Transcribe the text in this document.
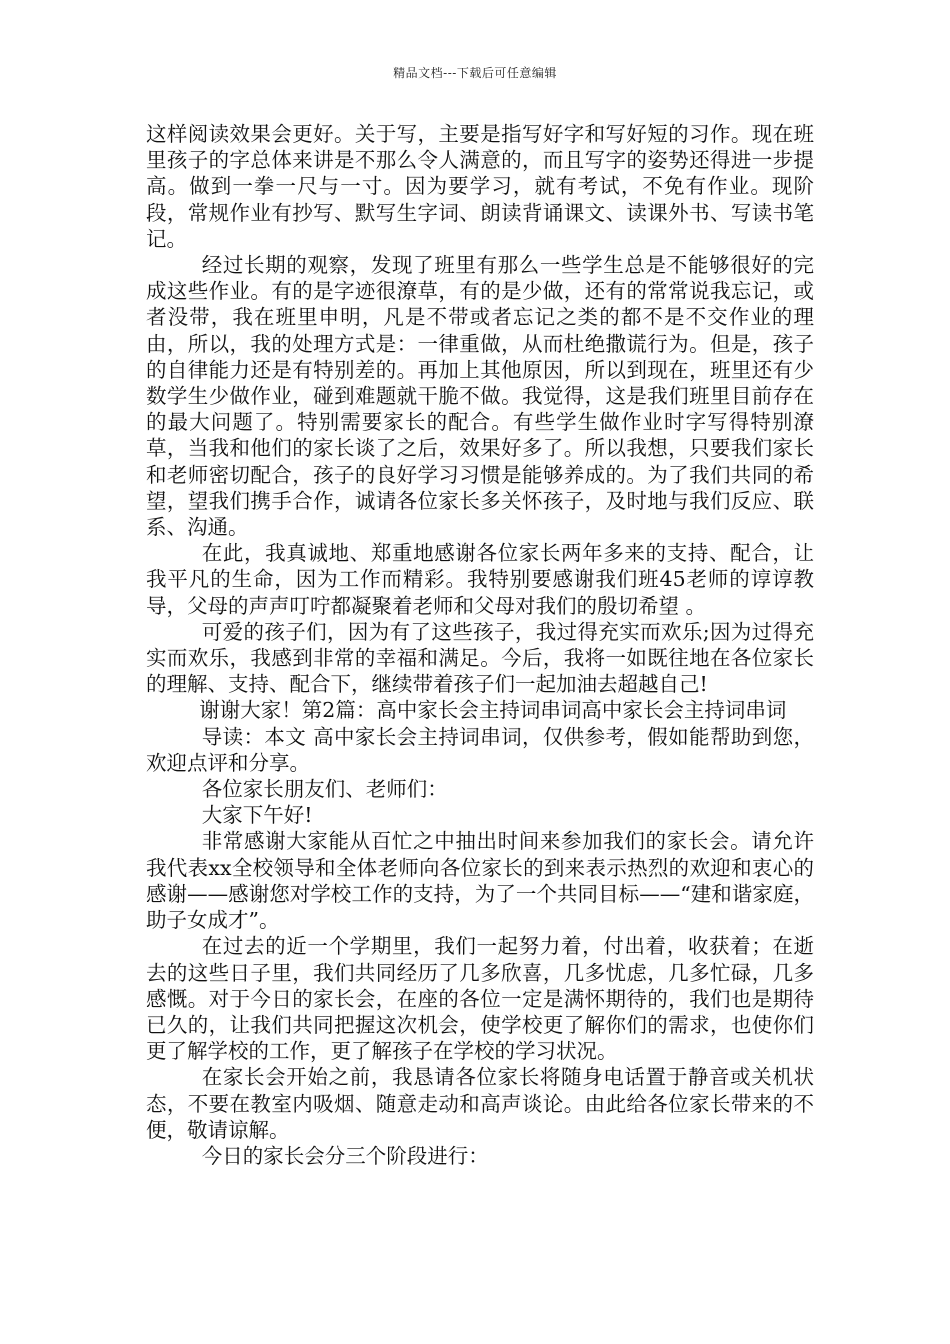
精品文档---下载后可任意编辑

这样阅读效果会更好。关于写，主要是指写好字和写好短的习作。现在班里孩子的字总体来讲是不那么令人满意的，而且写字的姿势还得进一步提高。做到一拳一尺与一寸。因为要学习，就有考试，不免有作业。现阶段，常规作业有抄写、默写生字词、朗读背诵课文、读课外书、写读书笔记。

经过长期的观察，发现了班里有那么一些学生总是不能够很好的完成这些作业。有的是字迹很潦草，有的是少做，还有的常常说我忘记，或者没带，我在班里申明，凡是不带或者忘记之类的都不是不交作业的理由，所以，我的处理方式是：一律重做，从而杜绝撒谎行为。但是，孩子的自律能力还是有特别差的。再加上其他原因，所以到现在，班里还有少数学生少做作业，碰到难题就干脆不做。我觉得，这是我们班里目前存在的最大问题了。特别需要家长的配合。有些学生做作业时字写得特别潦草，当我和他们的家长谈了之后，效果好多了。所以我想，只要我们家长和老师密切配合，孩子的良好学习习惯是能够养成的。为了我们共同的希望，望我们携手合作，诚请各位家长多关怀孩子，及时地与我们反应、联系、沟通。

在此，我真诚地、郑重地感谢各位家长两年多来的支持、配合，让我平凡的生命，因为工作而精彩。我特别要感谢我们班45老师的谆谆教导，父母的声声叮咛都凝聚着老师和父母对我们的殷切希望 。

可爱的孩子们，因为有了这些孩子，我过得充实而欢乐;因为过得充实而欢乐，我感到非常的幸福和满足。今后，我将一如既往地在各位家长的理解、支持、配合下，继续带着孩子们一起加油去超越自己!

谢谢大家！第2篇：高中家长会主持词串词高中家长会主持词串词

导读：本文 高中家长会主持词串词，仅供参考，假如能帮助到您，欢迎点评和分享。

各位家长朋友们、老师们：

大家下午好!

非常感谢大家能从百忙之中抽出时间来参加我们的家长会。请允许我代表xx全校领导和全体老师向各位家长的到来表示热烈的欢迎和衷心的感谢——感谢您对学校工作的支持，为了一个共同目标——“建和谐家庭，助子女成才”。

在过去的近一个学期里，我们一起努力着，付出着，收获着；在逝去的这些日子里，我们共同经历了几多欣喜，几多忧虑，几多忙碌，几多感慨。对于今日的家长会，在座的各位一定是满怀期待的，我们也是期待已久的，让我们共同把握这次机会，使学校更了解你们的需求，也使你们更了解学校的工作，更了解孩子在学校的学习状况。

在家长会开始之前，我恳请各位家长将随身电话置于静音或关机状态，不要在教室内吸烟、随意走动和高声谈论。由此给各位家长带来的不便，敬请谅解。

今日的家长会分三个阶段进行：
